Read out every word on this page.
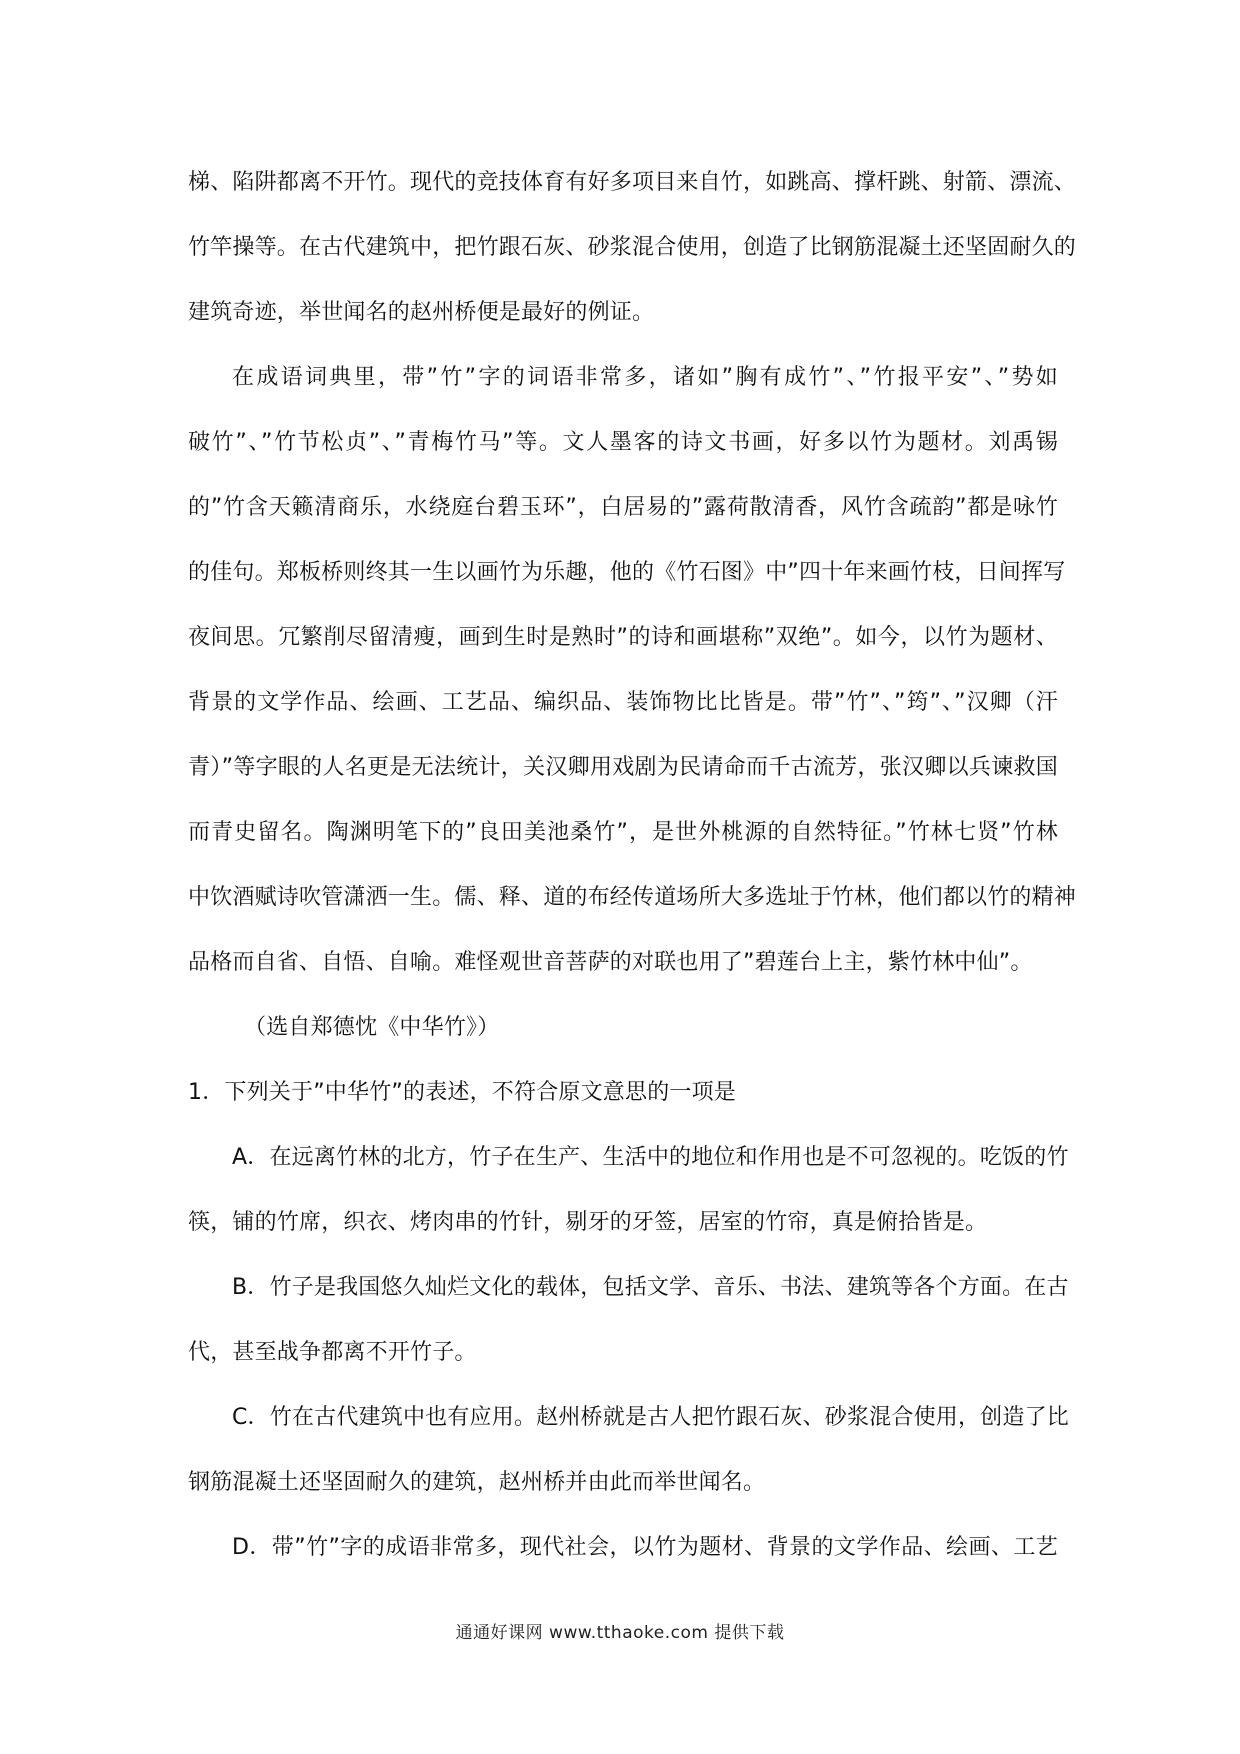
梯、陷阱都离不开竹。现代的竞技体育有好多项目来自竹，如跳高、撑杆跳、射箭、漂流、
竹竿操等。在古代建筑中，把竹跟石灰、砂浆混合使用，创造了比钢筋混凝土还坚固耐久的
建筑奇迹，举世闻名的赵州桥便是最好的例证。
在成语词典里，带”竹”字的词语非常多，诸如”胸有成竹”、”竹报平安”、”势如
破竹”、”竹节松贞”、”青梅竹马”等。文人墨客的诗文书画，好多以竹为题材。刘禹锡
的”竹含天籁清商乐，水绕庭台碧玉环”，白居易的”露荷散清香，风竹含疏韵”都是咏竹
的佳句。郑板桥则终其一生以画竹为乐趣，他的《竹石图》中”四十年来画竹枝，日间挥写
夜间思。冗繁削尽留清瘦，画到生时是熟时”的诗和画堪称”双绝”。如今，以竹为题材、
背景的文学作品、绘画、工艺品、编织品、装饰物比比皆是。带”竹”、”筠”、”汉卿（汗
青）”等字眼的人名更是无法统计，关汉卿用戏剧为民请命而千古流芳，张汉卿以兵谏救国
而青史留名。陶渊明笔下的”良田美池桑竹”，是世外桃源的自然特征。”竹林七贤”竹林
中饮酒赋诗吹管潇洒一生。儒、释、道的布经传道场所大多选址于竹林，他们都以竹的精神
品格而自省、自悟、自喻。难怪观世音菩萨的对联也用了”碧莲台上主，紫竹林中仙”。
（选自郑德忱《中华竹》）
1．下列关于”中华竹”的表述，不符合原文意思的一项是
A．在远离竹林的北方，竹子在生产、生活中的地位和作用也是不可忽视的。吃饭的竹
筷，铺的竹席，织衣、烤肉串的竹针，剔牙的牙签，居室的竹帘，真是俯拾皆是。
B．竹子是我国悠久灿烂文化的载体，包括文学、音乐、书法、建筑等各个方面。在古
代，甚至战争都离不开竹子。
C．竹在古代建筑中也有应用。赵州桥就是古人把竹跟石灰、砂浆混合使用，创造了比
钢筋混凝土还坚固耐久的建筑，赵州桥并由此而举世闻名。
D．带”竹”字的成语非常多，现代社会，以竹为题材、背景的文学作品、绘画、工艺
通通好课网 www.tthaoke.com 提供下载
